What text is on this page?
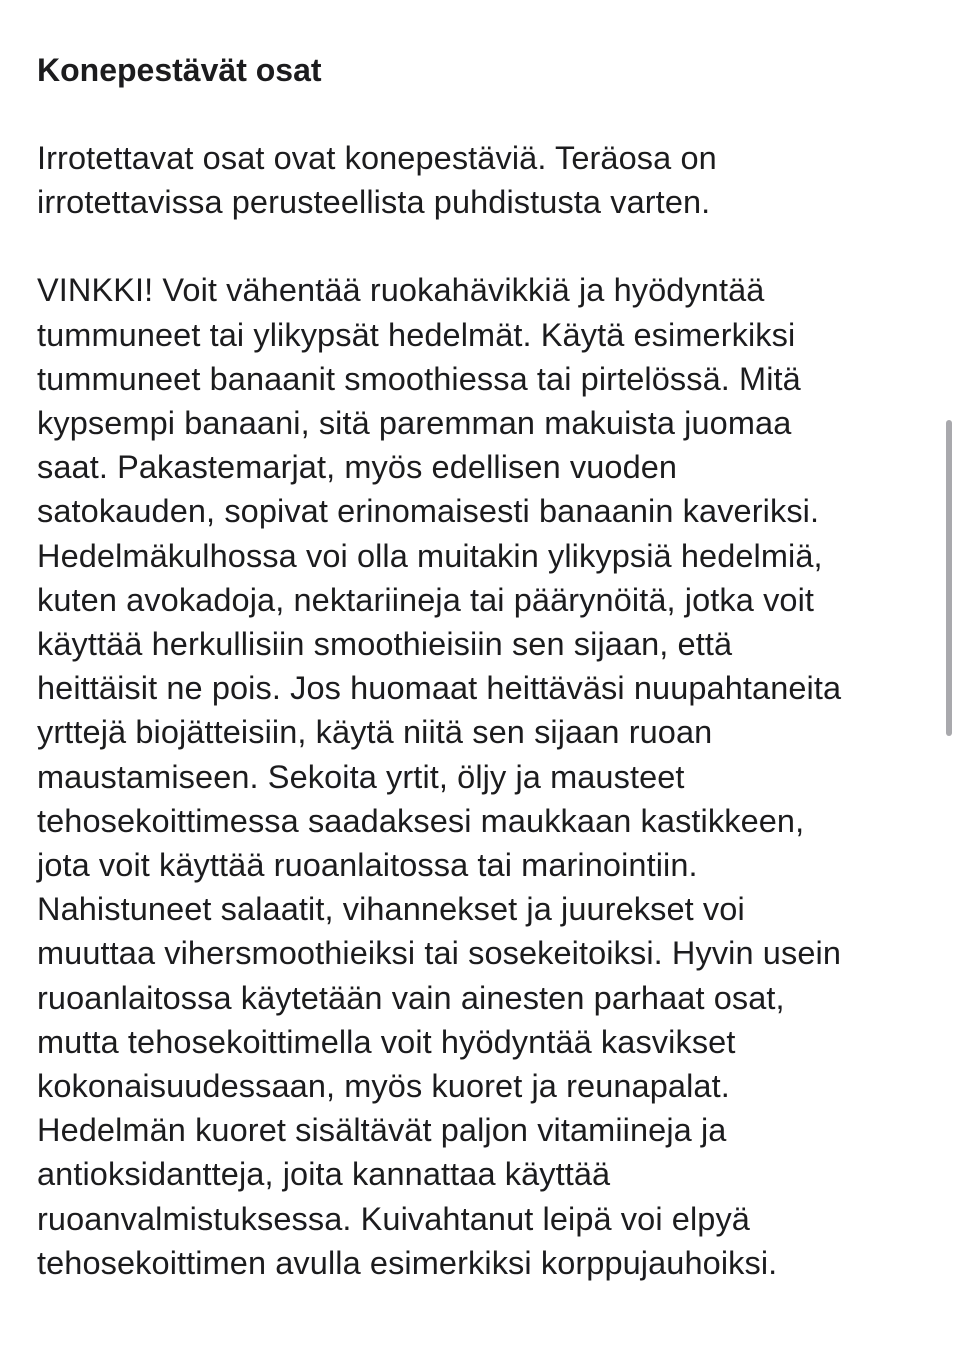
Konepestävät osat

Irrotettavat osat ovat konepestäviä. Teräosa on
irrotettavissa perusteellista puhdistusta varten.

VINKKI! Voit vähentää ruokahävikkiä ja hyödyntää
tummuneet tai ylikypsät hedelmät. Käytä esimerkiksi
tummuneet banaanit smoothiessa tai pirtelössä. Mitä
kypsempi banaani, sitä paremman makuista juomaa
saat. Pakastemarjat, myös edellisen vuoden
satokauden, sopivat erinomaisesti banaanin kaveriksi.
Hedelmäkulhossa voi olla muitakin ylikypsiä hedelmiä,
kuten avokadoja, nektariineja tai päärynöitä, jotka voit
käyttää herkullisiin smoothieisiin sen sijaan, että
heittäisit ne pois. Jos huomaat heittäväsi nuupahtaneita
yrttejä biojätteisiin, käytä niitä sen sijaan ruoan
maustamiseen. Sekoita yrtit, öljy ja mausteet
tehosekoittimessa saadaksesi maukkaan kastikkeen,
jota voit käyttää ruoanlaitossa tai marinointiin.
Nahistuneet salaatit, vihannekset ja juurekset voi
muuttaa vihersmoothieiksi tai sosekeitoiksi. Hyvin usein
ruoanlaitossa käytetään vain ainesten parhaat osat,
mutta tehosekoittimella voit hyödyntää kasvikset
kokonaisuudessaan, myös kuoret ja reunapalat.
Hedelmän kuoret sisältävät paljon vitamiineja ja
antioksidantteja, joita kannattaa käyttää
ruoanvalmistuksessa. Kuivahtanut leipä voi elpyä
tehosekoittimen avulla esimerkiksi korppujauhoiksi.
